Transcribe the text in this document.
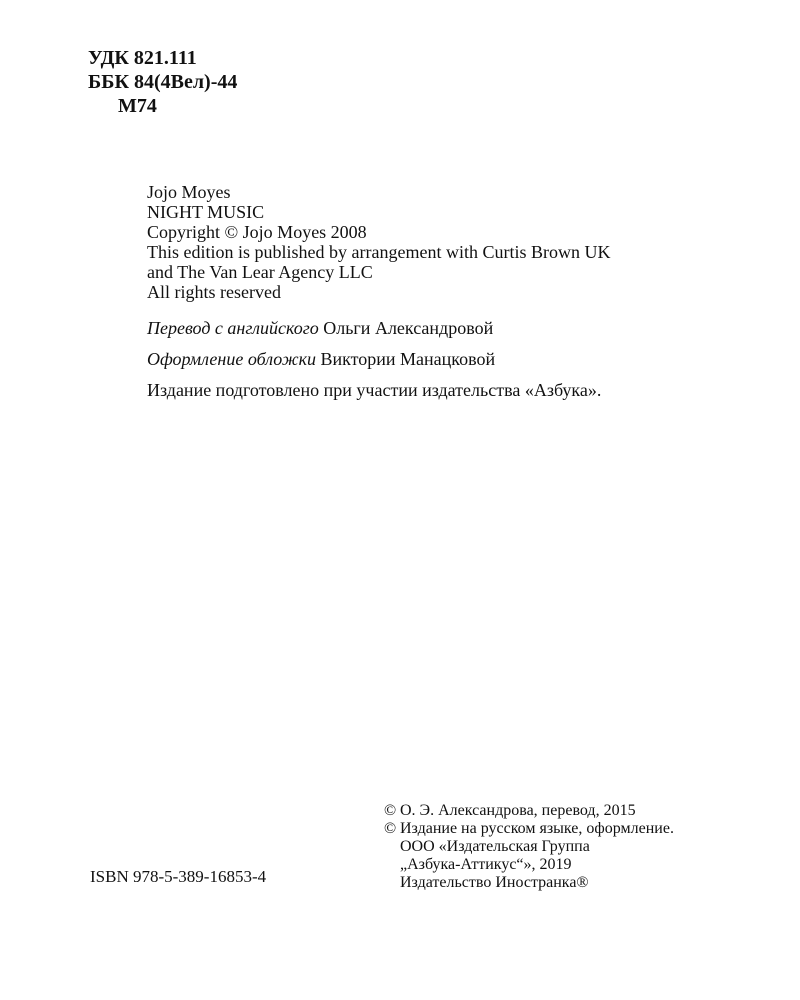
УДК 821.111
ББК 84(4Вел)-44
М74
Jojo Moyes
NIGHT MUSIC
Copyright © Jojo Moyes 2008
This edition is published by arrangement with Curtis Brown UK
and The Van Lear Agency LLC
All rights reserved
Перевод с английского Ольги Александровой
Оформление обложки Виктории Манацковой
Издание подготовлено при участии издательства «Азбука».
ISBN 978-5-389-16853-4
© О. Э. Александрова, перевод, 2015
© Издание на русском языке, оформление.
ООО «Издательская Группа
„Азбука-Аттикус“», 2019
Издательство Иностранка®
